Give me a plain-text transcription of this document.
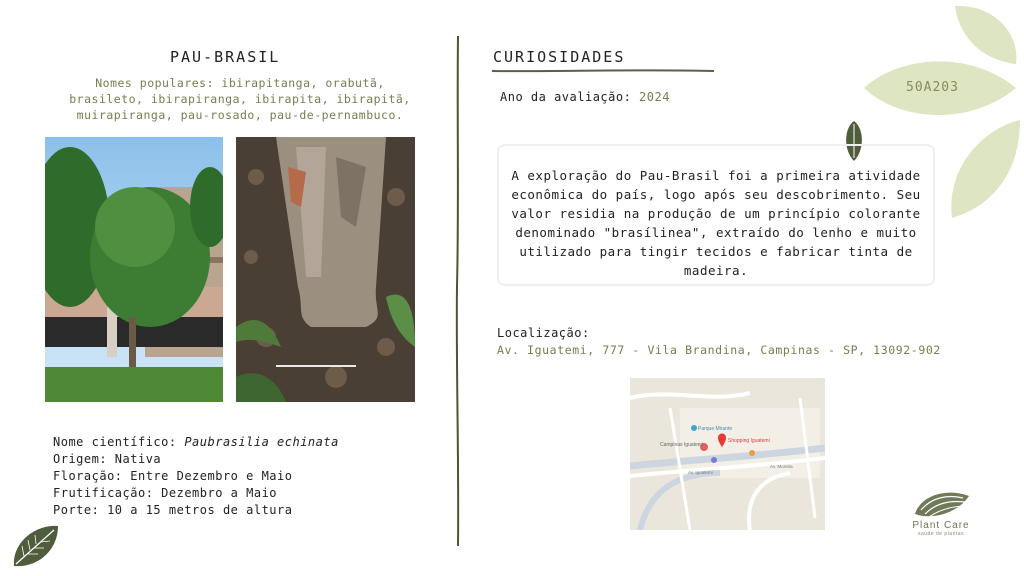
PAU-BRASIL
Nomes populares: ibirapitanga, orabutã, brasileto, ibirapiranga, ibirapita, ibirapitã, muirapiranga, pau-rosado, pau-de-pernambuco.
Nome científico: Paubrasilia echinata
Origem: Nativa
Floração: Entre Dezembro e Maio
Frutificação: Dezembro a Maio
Porte: 10 a 15 metros de altura
CURIOSIDADES
Ano da avaliação: 2024
50A203
A exploração do Pau-Brasil foi a primeira atividade econômica do país, logo após seu descobrimento. Seu valor residia na produção de um princípio colorante denominado "brasílinea", extraído do lenho e muito utilizado para tingir tecidos e fabricar tinta de madeira.
Localização:
Av. Iguatemi, 777 - Vila Brandina, Campinas - SP, 13092-902
Parque Mirante
Shopping Iguatemi
Campinas Iguatemi
Av. Iguatemi
Av. Moreira
Plant Care
saúde de plantas
